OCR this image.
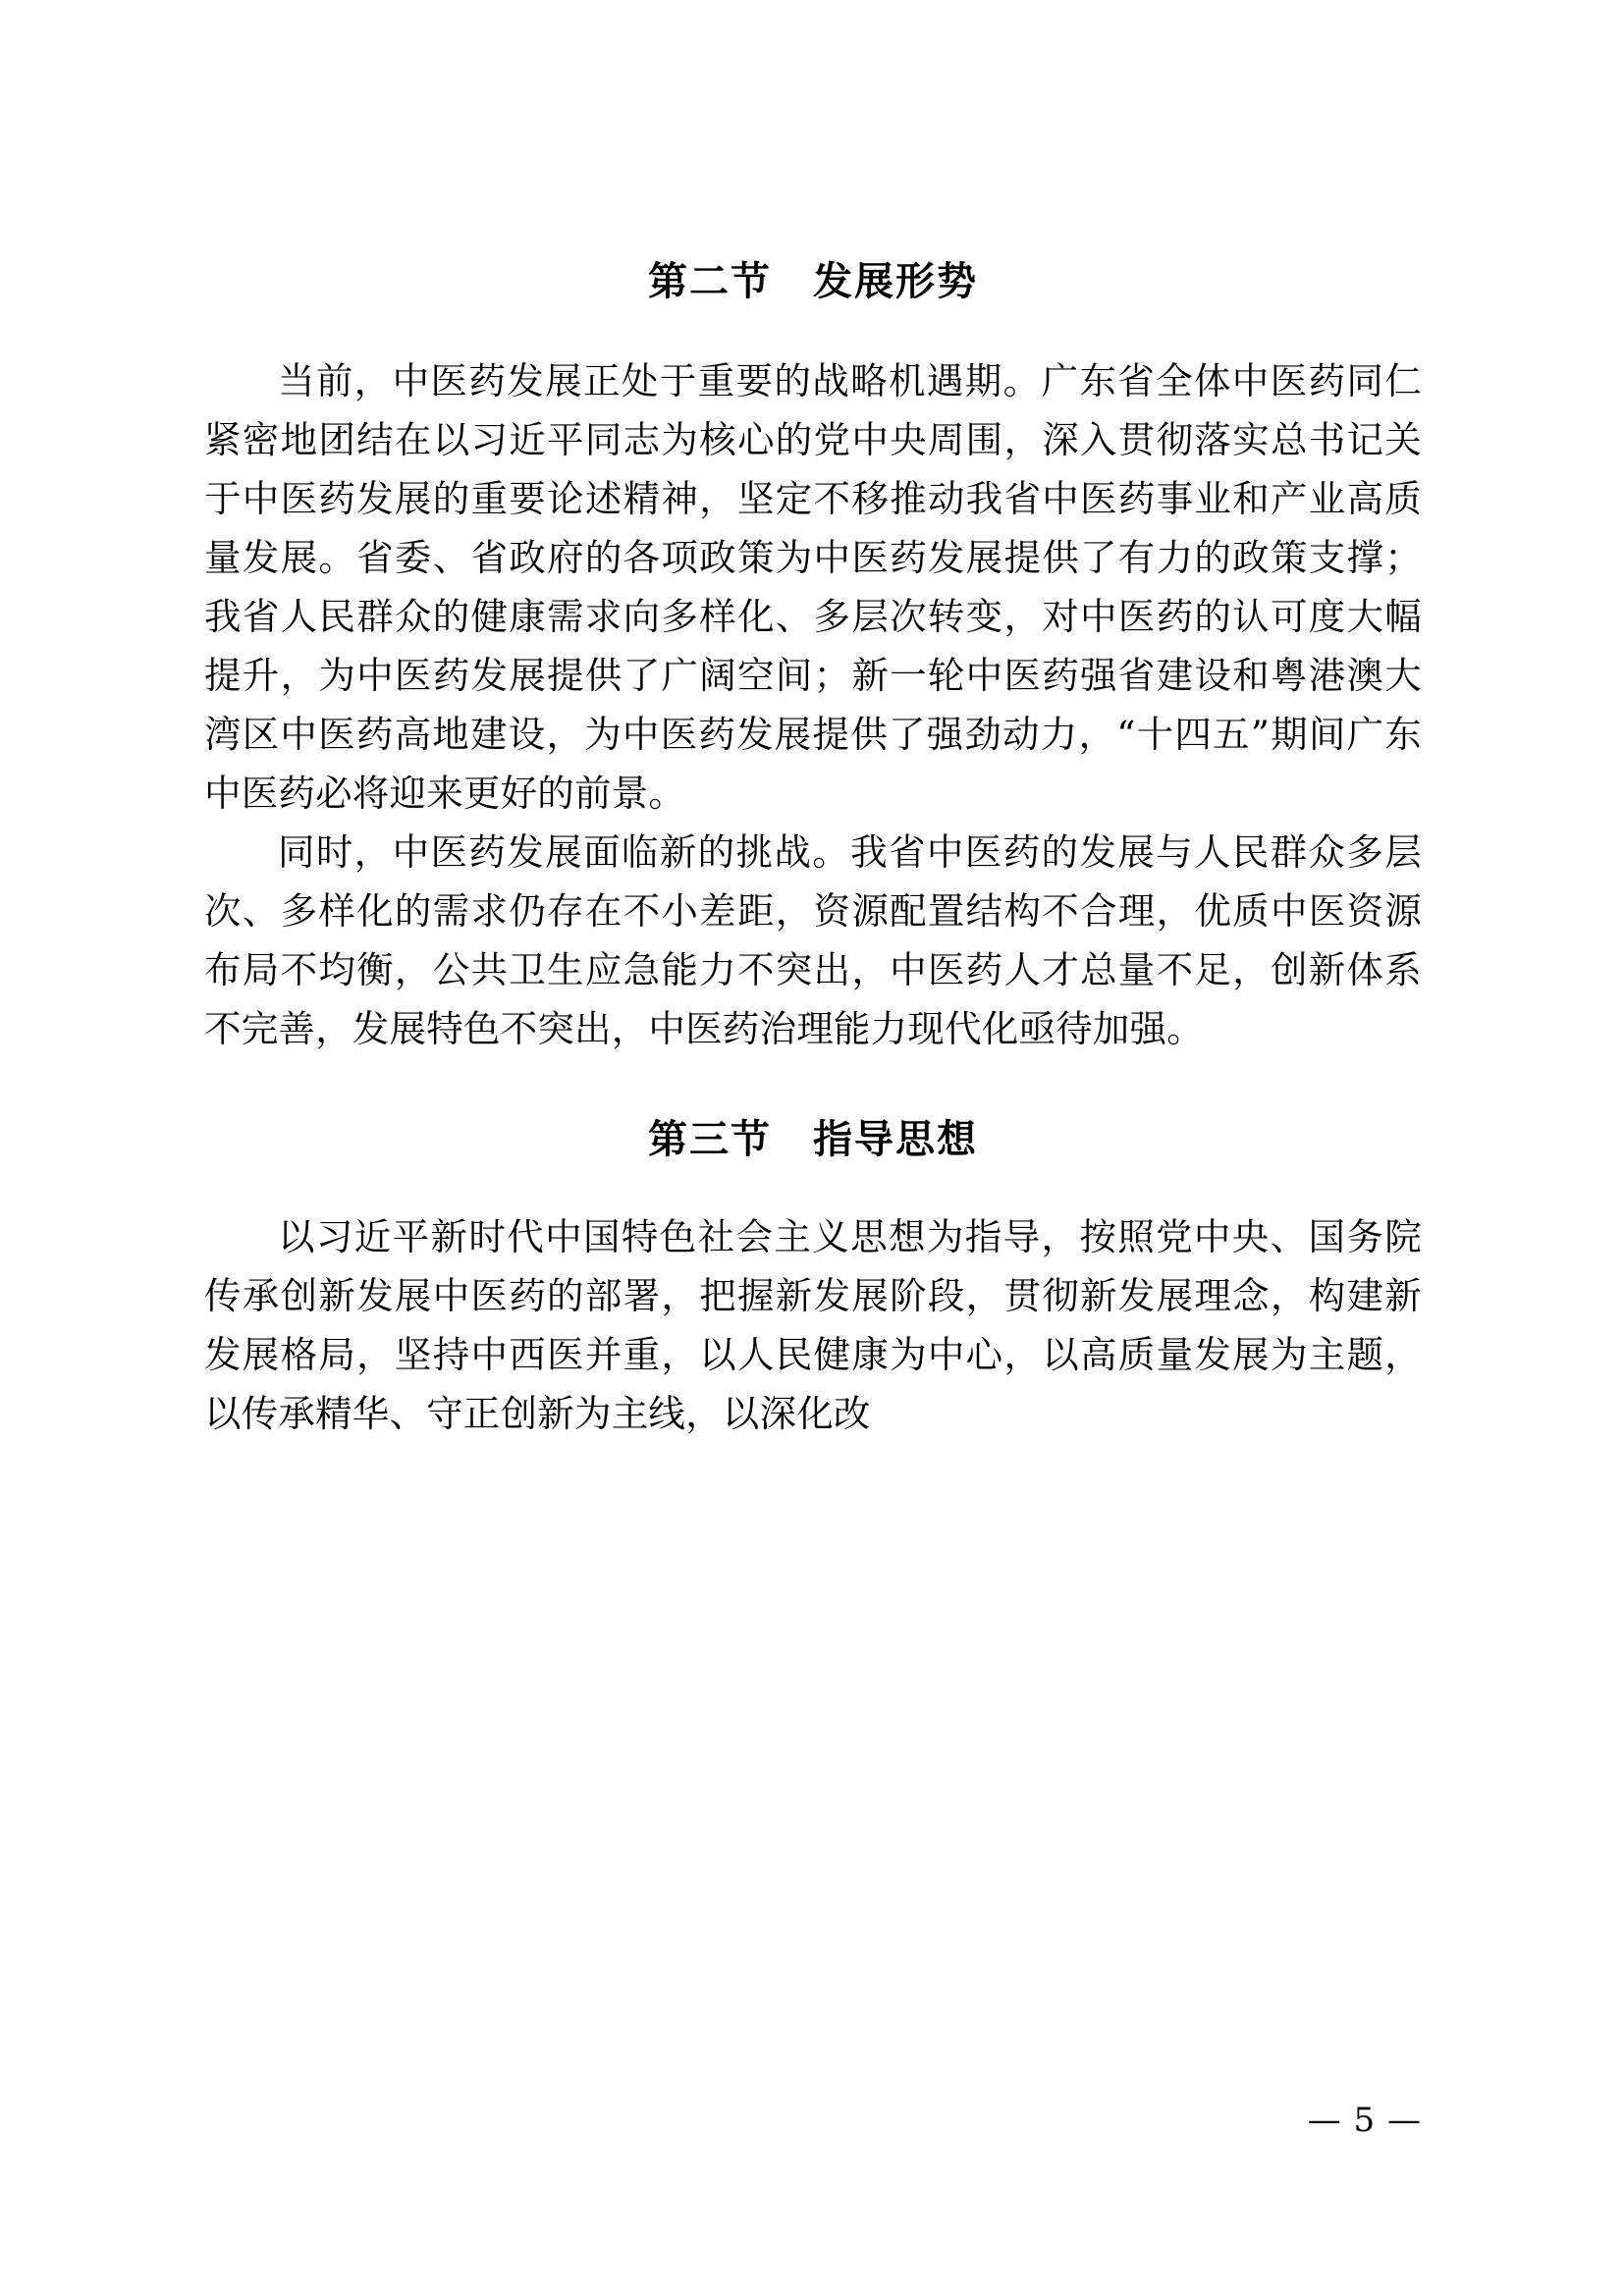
第二节　发展形势

当前，中医药发展正处于重要的战略机遇期。广东省全体中医药同仁紧密地团结在以习近平同志为核心的党中央周围，深入贯彻落实总书记关于中医药发展的重要论述精神，坚定不移推动我省中医药事业和产业高质量发展。省委、省政府的各项政策为中医药发展提供了有力的政策支撑；我省人民群众的健康需求向多样化、多层次转变，对中医药的认可度大幅提升，为中医药发展提供了广阔空间；新一轮中医药强省建设和粤港澳大湾区中医药高地建设，为中医药发展提供了强劲动力，“十四五”期间广东中医药必将迎来更好的前景。

同时，中医药发展面临新的挑战。我省中医药的发展与人民群众多层次、多样化的需求仍存在不小差距，资源配置结构不合理，优质中医资源布局不均衡，公共卫生应急能力不突出，中医药人才总量不足，创新体系不完善，发展特色不突出，中医药治理能力现代化亟待加强。

第三节　指导思想

以习近平新时代中国特色社会主义思想为指导，按照党中央、国务院传承创新发展中医药的部署，把握新发展阶段，贯彻新发展理念，构建新发展格局，坚持中西医并重，以人民健康为中心，以高质量发展为主题，以传承精华、守正创新为主线，以深化改

— 5 —
